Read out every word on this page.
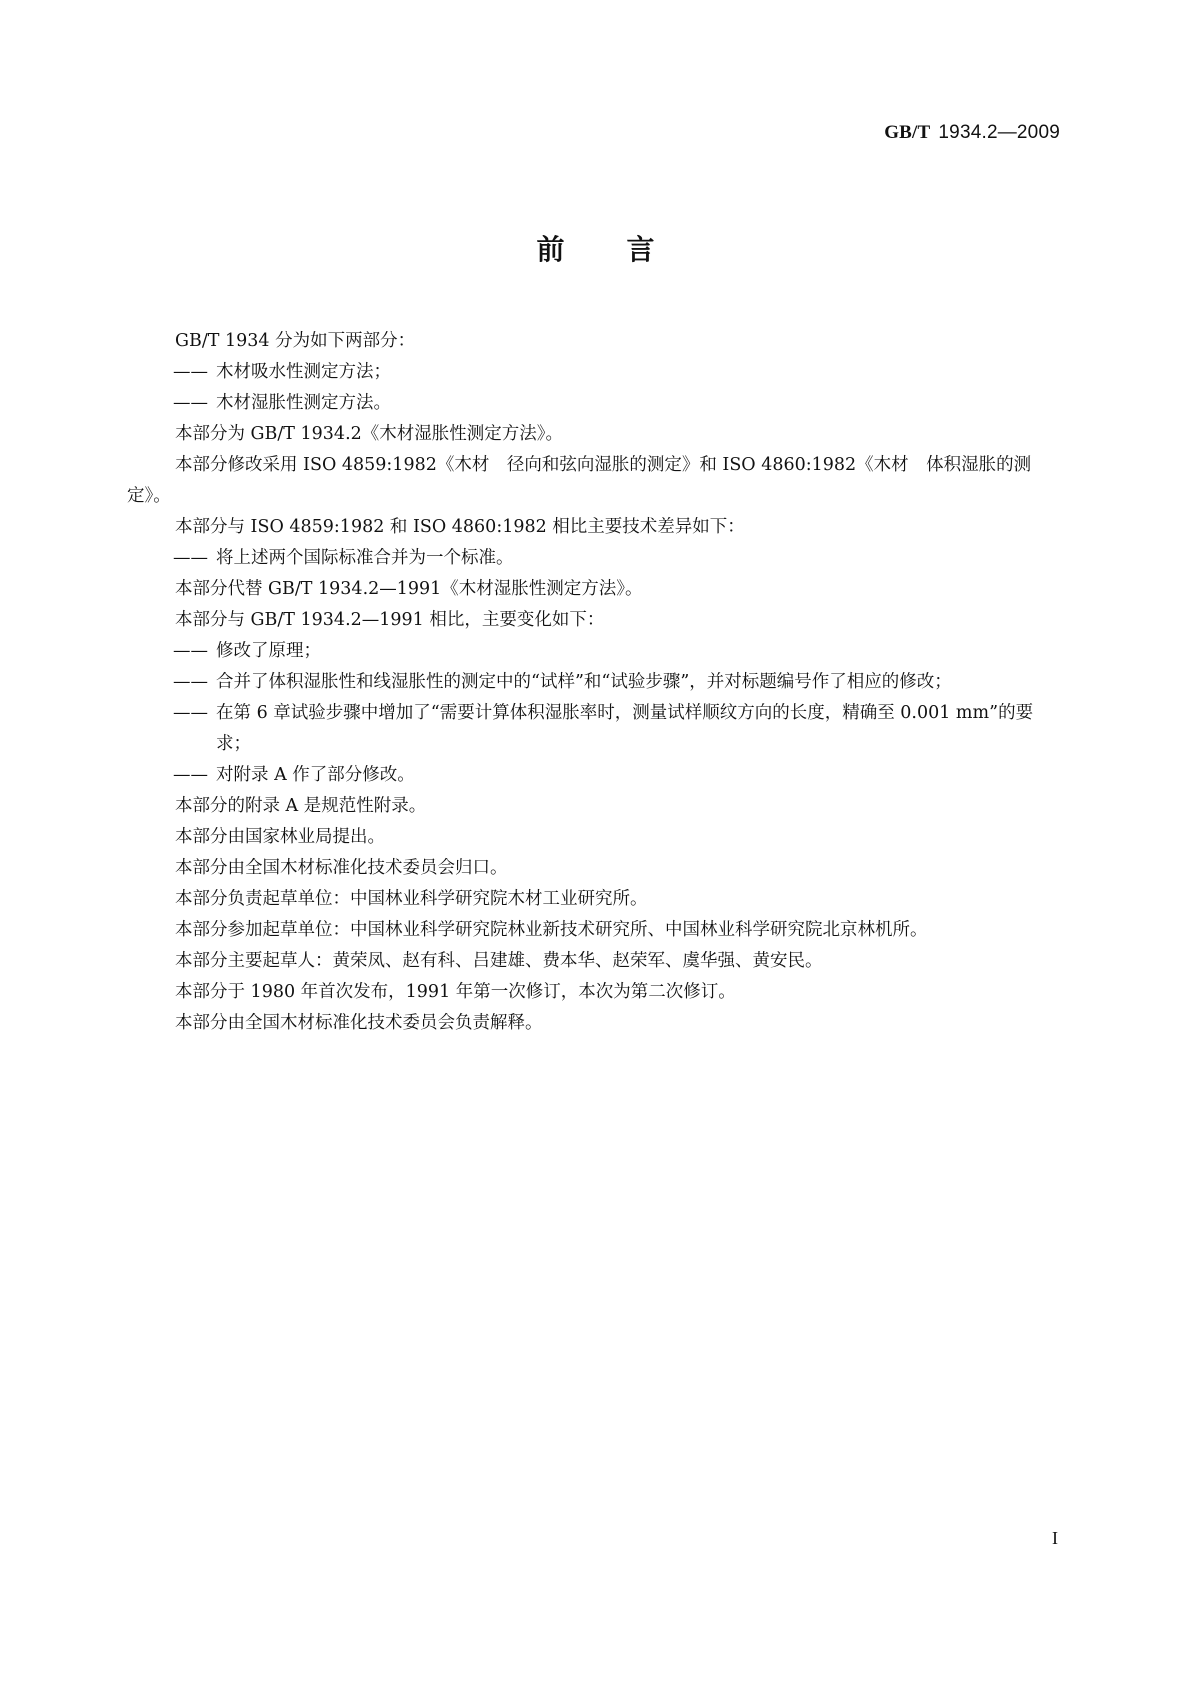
GB/T 1934.2—2009
前 言

GB/T 1934 分为如下两部分：

—— 木材吸水性测定方法；
—— 木材湿胀性测定方法。

本部分为 GB/T 1934.2《木材湿胀性测定方法》。

本部分修改采用 ISO 4859:1982《木材　径向和弦向湿胀的测定》和 ISO 4860:1982《木材　体积湿胀的测定》。

本部分与 ISO 4859:1982 和 ISO 4860:1982 相比主要技术差异如下：

—— 将上述两个国际标准合并为一个标准。

本部分代替 GB/T 1934.2—1991《木材湿胀性测定方法》。

本部分与 GB/T 1934.2—1991 相比，主要变化如下：

—— 修改了原理；
—— 合并了体积湿胀性和线湿胀性的测定中的“试样”和“试验步骤”，并对标题编号作了相应的修改；
—— 在第 6 章试验步骤中增加了“需要计算体积湿胀率时，测量试样顺纹方向的长度，精确至 0.001 mm”的要求；
—— 对附录 A 作了部分修改。

本部分的附录 A 是规范性附录。

本部分由国家林业局提出。

本部分由全国木材标准化技术委员会归口。

本部分负责起草单位：中国林业科学研究院木材工业研究所。

本部分参加起草单位：中国林业科学研究院林业新技术研究所、中国林业科学研究院北京林机所。

本部分主要起草人：黄荣凤、赵有科、吕建雄、费本华、赵荣军、虞华强、黄安民。

本部分于 1980 年首次发布，1991 年第一次修订，本次为第二次修订。

本部分由全国木材标准化技术委员会负责解释。

I
